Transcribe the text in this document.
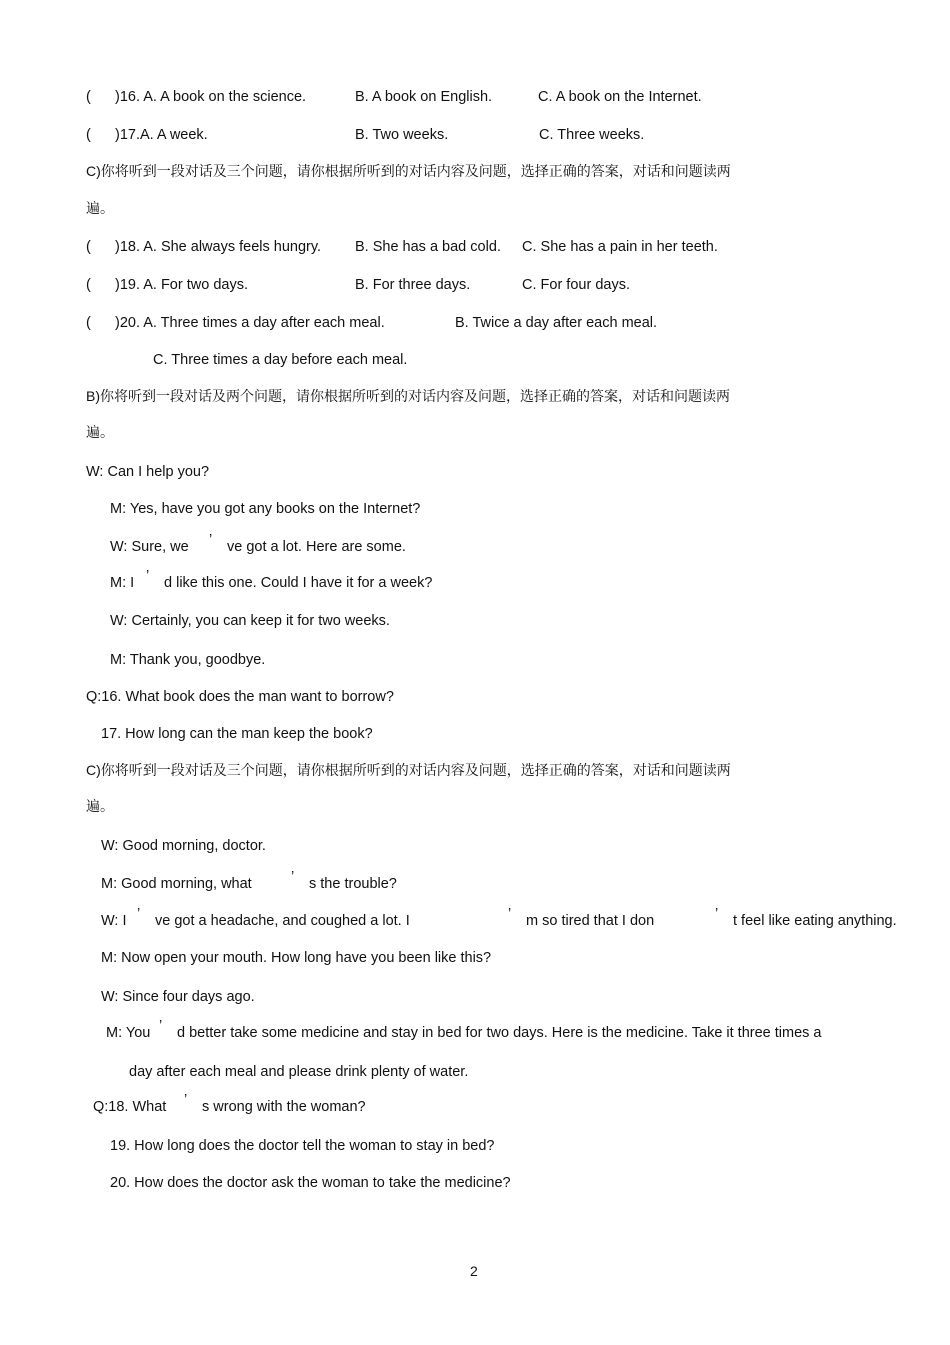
( )16. A. A book on the science.	B. A book on English.	C. A book on the Internet.
( )17.A. A week.	B. Two weeks.	C. Three weeks.
C)你将听到一段对话及三个问题，请你根据所听到的对话内容及问题，选择正确的答案，对话和问题读两
遍。
( )18. A. She always feels hungry. B. She has a bad cold. C. She has a pain in her teeth.
( )19. A. For two days.	B. For three days.	C. For four days.
( )20. A. Three times a day after each meal.	B. Twice a day after each meal.
C. Three times a day before each meal.
B)你将听到一段对话及两个问题，请你根据所听到的对话内容及问题，选择正确的答案，对话和问题读两
遍。
W: Can I help you?
M: Yes, have you got any books on the Internet?
W: Sure, we ’ ve got a lot. Here are some.
M: I ’ d like this one. Could I have it for a week?
W: Certainly, you can keep it for two weeks.
M: Thank you, goodbye.
Q:16. What book does the man want to borrow?
17. How long can the man keep the book?
C)你将听到一段对话及三个问题，请你根据所听到的对话内容及问题，选择正确的答案，对话和问题读两
遍。
W: Good morning, doctor.
M: Good morning, what	’ s the trouble?
W: I ’ ve got a headache, and coughed a lot. I	’ m so tired that I don	’ t feel like eating anything.
M: Now open your mouth. How long have you been like this?
W: Since four days ago.
M: You ’ d better take some medicine and stay in bed for two days. Here is the medicine. Take it three times a
day after each meal and please drink plenty of water.
Q:18. What ’ s wrong with the woman?
19. How long does the doctor tell the woman to stay in bed?
20. How does the doctor ask the woman to take the medicine?
2
